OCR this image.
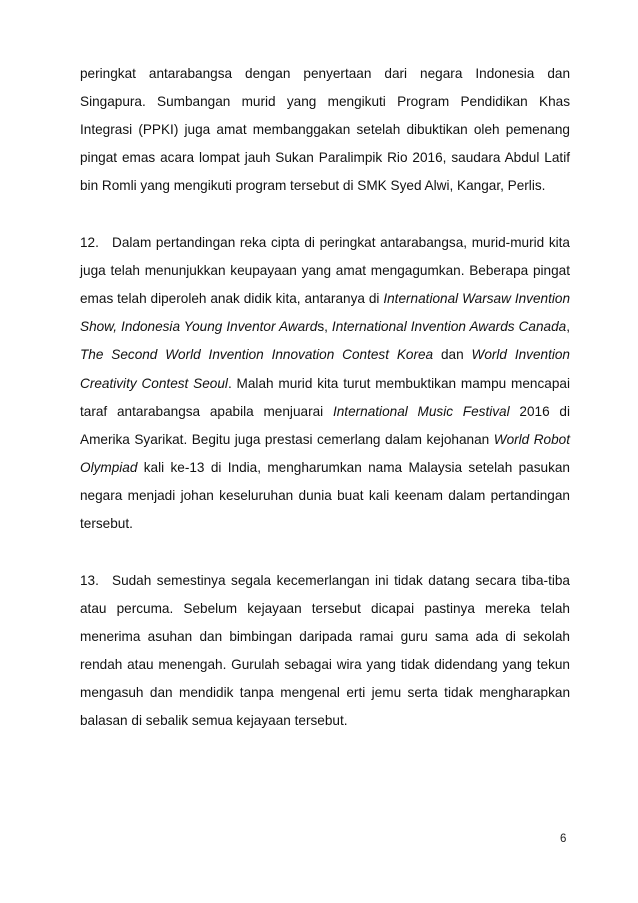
peringkat antarabangsa dengan penyertaan dari negara Indonesia dan Singapura. Sumbangan murid yang mengikuti Program Pendidikan Khas Integrasi (PPKI) juga amat membanggakan setelah dibuktikan oleh pemenang pingat emas acara lompat jauh Sukan Paralimpik Rio 2016, saudara Abdul Latif bin Romli yang mengikuti program tersebut di SMK Syed Alwi, Kangar, Perlis.

12. Dalam pertandingan reka cipta di peringkat antarabangsa, murid-murid kita juga telah menunjukkan keupayaan yang amat mengagumkan. Beberapa pingat emas telah diperoleh anak didik kita, antaranya di International Warsaw Invention Show, Indonesia Young Inventor Awards, International Invention Awards Canada, The Second World Invention Innovation Contest Korea dan World Invention Creativity Contest Seoul. Malah murid kita turut membuktikan mampu mencapai taraf antarabangsa apabila menjuarai International Music Festival 2016 di Amerika Syarikat. Begitu juga prestasi cemerlang dalam kejohanan World Robot Olympiad kali ke-13 di India, mengharumkan nama Malaysia setelah pasukan negara menjadi johan keseluruhan dunia buat kali keenam dalam pertandingan tersebut.

13. Sudah semestinya segala kecemerlangan ini tidak datang secara tiba-tiba atau percuma. Sebelum kejayaan tersebut dicapai pastinya mereka telah menerima asuhan dan bimbingan daripada ramai guru sama ada di sekolah rendah atau menengah. Gurulah sebagai wira yang tidak didendang yang tekun mengasuh dan mendidik tanpa mengenal erti jemu serta tidak mengharapkan balasan di sebalik semua kejayaan tersebut.

6
